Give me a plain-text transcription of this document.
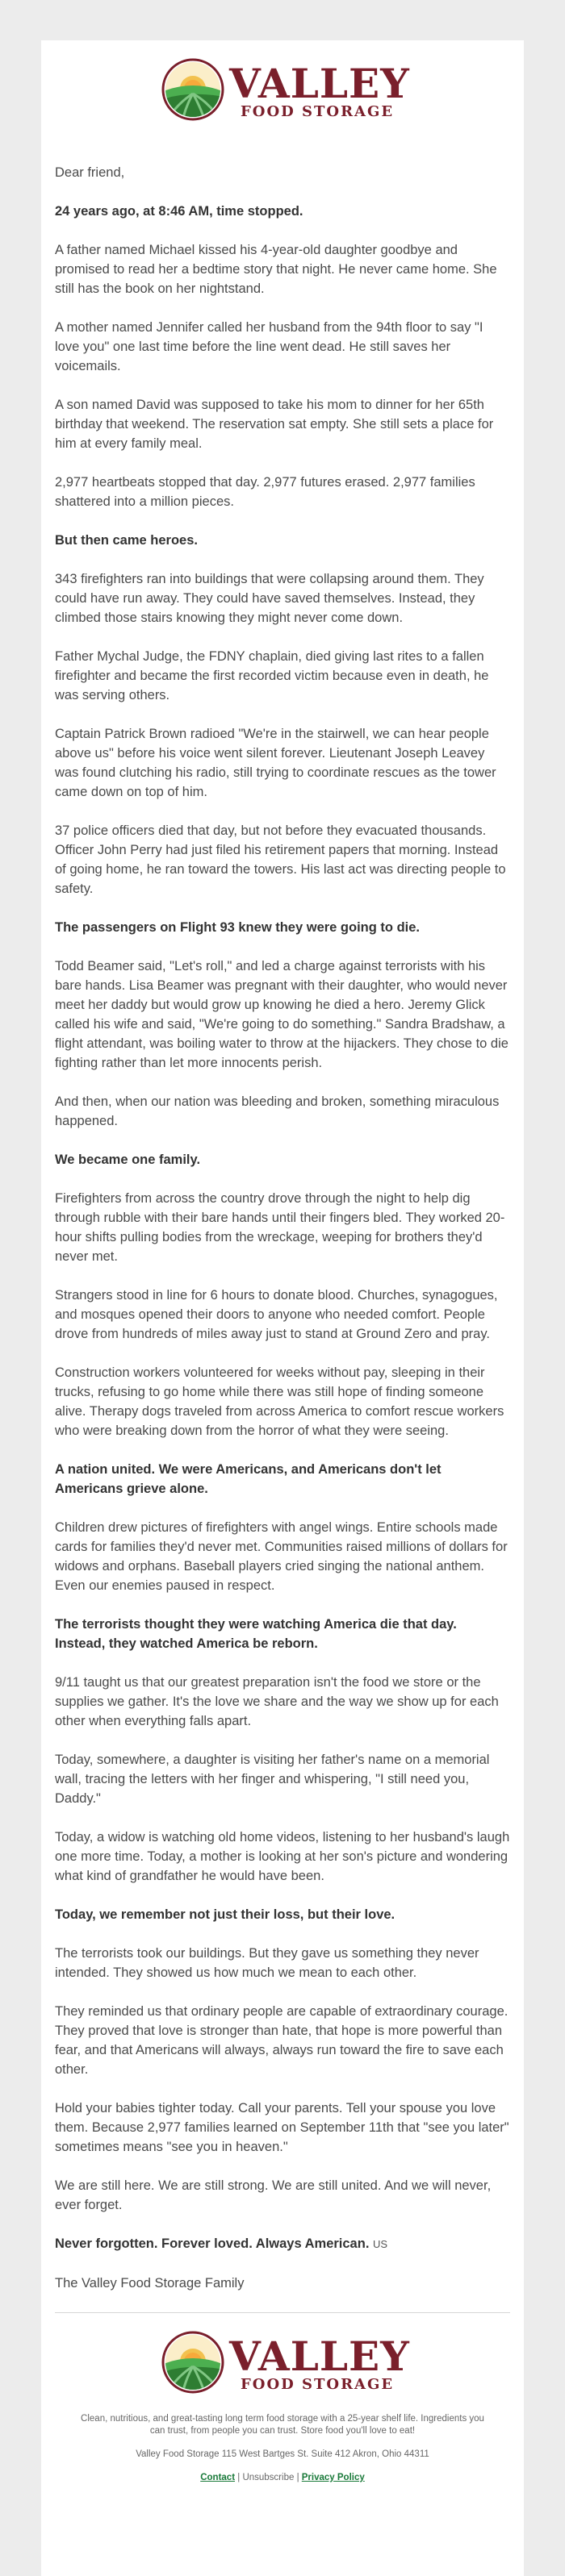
VALLEY
FOOD STORAGE

Dear friend,

24 years ago, at 8:46 AM, time stopped.

A father named Michael kissed his 4-year-old daughter goodbye and promised to read her a bedtime story that night. He never came home. She still has the book on her nightstand.

A mother named Jennifer called her husband from the 94th floor to say "I love you" one last time before the line went dead. He still saves her voicemails.

A son named David was supposed to take his mom to dinner for her 65th birthday that weekend. The reservation sat empty. She still sets a place for him at every family meal.

2,977 heartbeats stopped that day. 2,977 futures erased. 2,977 families shattered into a million pieces.

But then came heroes.

343 firefighters ran into buildings that were collapsing around them. They could have run away. They could have saved themselves. Instead, they climbed those stairs knowing they might never come down.

Father Mychal Judge, the FDNY chaplain, died giving last rites to a fallen firefighter and became the first recorded victim because even in death, he was serving others.

Captain Patrick Brown radioed "We're in the stairwell, we can hear people above us" before his voice went silent forever. Lieutenant Joseph Leavey was found clutching his radio, still trying to coordinate rescues as the tower came down on top of him.

37 police officers died that day, but not before they evacuated thousands. Officer John Perry had just filed his retirement papers that morning. Instead of going home, he ran toward the towers. His last act was directing people to safety.

The passengers on Flight 93 knew they were going to die.

Todd Beamer said, "Let's roll," and led a charge against terrorists with his bare hands. Lisa Beamer was pregnant with their daughter, who would never meet her daddy but would grow up knowing he died a hero. Jeremy Glick called his wife and said, "We're going to do something." Sandra Bradshaw, a flight attendant, was boiling water to throw at the hijackers. They chose to die fighting rather than let more innocents perish.

And then, when our nation was bleeding and broken, something miraculous happened.

We became one family.

Firefighters from across the country drove through the night to help dig through rubble with their bare hands until their fingers bled. They worked 20-hour shifts pulling bodies from the wreckage, weeping for brothers they'd never met.

Strangers stood in line for 6 hours to donate blood. Churches, synagogues, and mosques opened their doors to anyone who needed comfort. People drove from hundreds of miles away just to stand at Ground Zero and pray.

Construction workers volunteered for weeks without pay, sleeping in their trucks, refusing to go home while there was still hope of finding someone alive. Therapy dogs traveled from across America to comfort rescue workers who were breaking down from the horror of what they were seeing.

A nation united. We were Americans, and Americans don't let Americans grieve alone.

Children drew pictures of firefighters with angel wings. Entire schools made cards for families they'd never met. Communities raised millions of dollars for widows and orphans. Baseball players cried singing the national anthem. Even our enemies paused in respect.

The terrorists thought they were watching America die that day. Instead, they watched America be reborn.

9/11 taught us that our greatest preparation isn't the food we store or the supplies we gather. It's the love we share and the way we show up for each other when everything falls apart.

Today, somewhere, a daughter is visiting her father's name on a memorial wall, tracing the letters with her finger and whispering, "I still need you, Daddy."

Today, a widow is watching old home videos, listening to her husband's laugh one more time. Today, a mother is looking at her son's picture and wondering what kind of grandfather he would have been.

Today, we remember not just their loss, but their love.

The terrorists took our buildings. But they gave us something they never intended. They showed us how much we mean to each other.

They reminded us that ordinary people are capable of extraordinary courage. They proved that love is stronger than hate, that hope is more powerful than fear, and that Americans will always, always run toward the fire to save each other.

Hold your babies tighter today. Call your parents. Tell your spouse you love them. Because 2,977 families learned on September 11th that "see you later" sometimes means "see you in heaven."

We are still here. We are still strong. We are still united. And we will never, ever forget.

Never forgotten. Forever loved. Always American. US

The Valley Food Storage Family

VALLEY
FOOD STORAGE
Clean, nutritious, and great-tasting long term food storage with a 25-year shelf life. Ingredients you can trust, from people you can trust. Store food you'll love to eat!
Valley Food Storage 115 West Bartges St. Suite 412 Akron, Ohio 44311
Contact | Unsubscribe | Privacy Policy
